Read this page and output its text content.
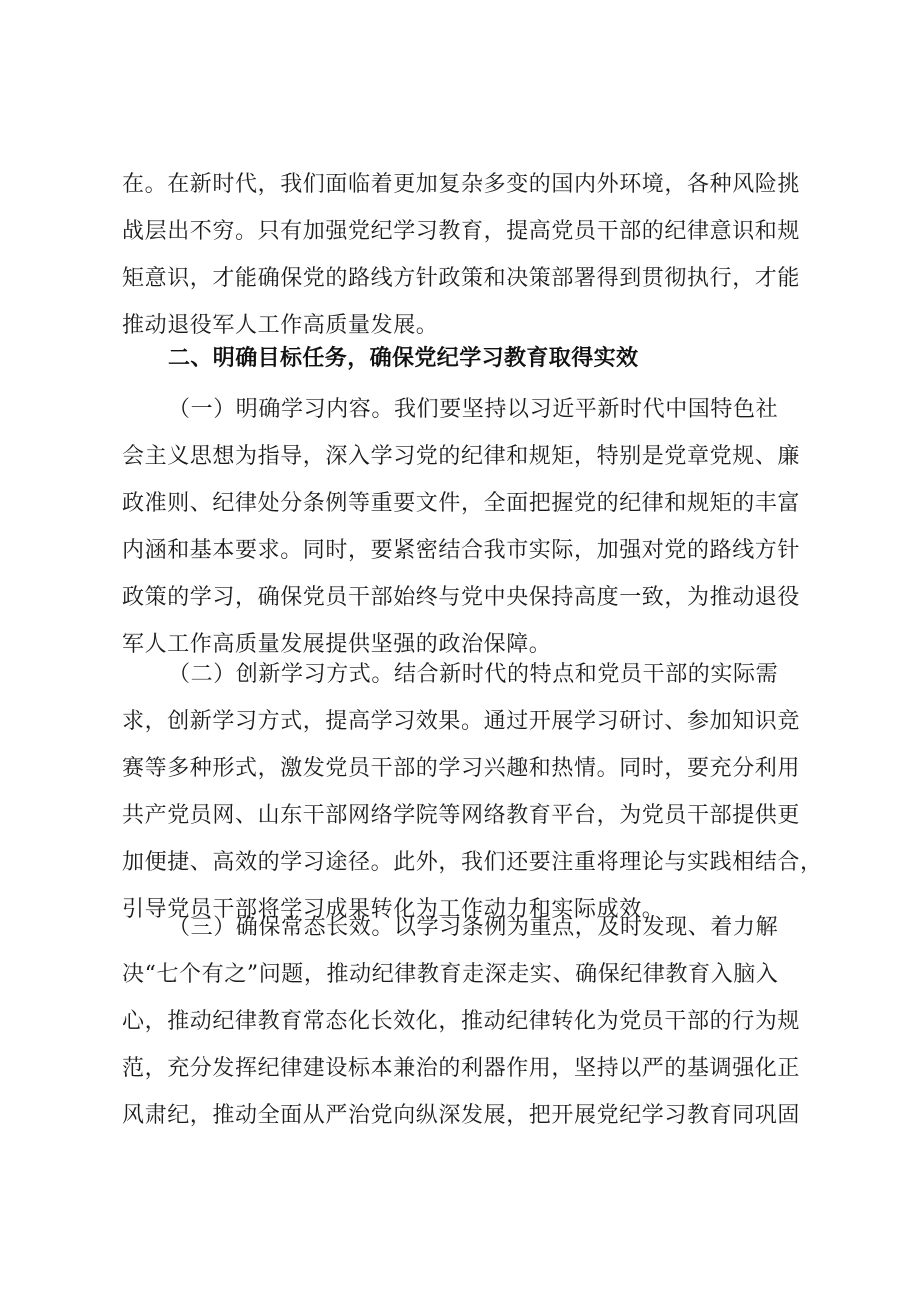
在。在新时代，我们面临着更加复杂多变的国内外环境，各种风险挑
战层出不穷。只有加强党纪学习教育，提高党员干部的纪律意识和规
矩意识，才能确保党的路线方针政策和决策部署得到贯彻执行，才能
推动退役军人工作高质量发展。
二、明确目标任务，确保党纪学习教育取得实效
（一）明确学习内容。我们要坚持以习近平新时代中国特色社
会主义思想为指导，深入学习党的纪律和规矩，特别是党章党规、廉
政准则、纪律处分条例等重要文件，全面把握党的纪律和规矩的丰富
内涵和基本要求。同时，要紧密结合我市实际，加强对党的路线方针
政策的学习，确保党员干部始终与党中央保持高度一致，为推动退役
军人工作高质量发展提供坚强的政治保障。
（二）创新学习方式。结合新时代的特点和党员干部的实际需
求，创新学习方式，提高学习效果。通过开展学习研讨、参加知识竞
赛等多种形式，激发党员干部的学习兴趣和热情。同时，要充分利用
共产党员网、山东干部网络学院等网络教育平台，为党员干部提供更
加便捷、高效的学习途径。此外，我们还要注重将理论与实践相结合，
引导党员干部将学习成果转化为工作动力和实际成效。
（三）确保常态长效。以学习条例为重点，及时发现、着力解
决“七个有之”问题，推动纪律教育走深走实、确保纪律教育入脑入
心，推动纪律教育常态化长效化，推动纪律转化为党员干部的行为规
范，充分发挥纪律建设标本兼治的利器作用，坚持以严的基调强化正
风肃纪，推动全面从严治党向纵深发展，把开展党纪学习教育同巩固
